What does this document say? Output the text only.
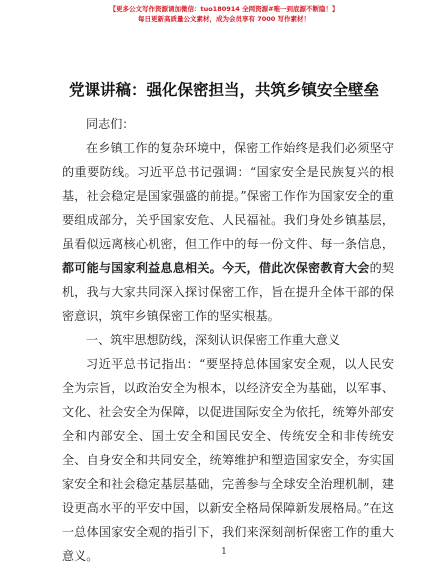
【更多公文写作资源请加微信：tuo180914 全网资源#唯一到底源不断隐！】
每日更新高质量公文素材，成为会员享有 7000 写作素材！
党课讲稿：强化保密担当，共筑乡镇安全壁垒

同志们：

在乡镇工作的复杂环境中，保密工作始终是我们必须坚守的重要防线。习近平总书记强调：“国家安全是民族复兴的根基，社会稳定是国家强盛的前提。”保密工作作为国家安全的重要组成部分，关乎国家安危、人民福祉。我们身处乡镇基层，虽看似远离核心机密，但工作中的每一份文件、每一条信息，都可能与国家利益息息相关。今天，借此次保密教育大会的契机，我与大家共同深入探讨保密工作，旨在提升全体干部的保密意识，筑牢乡镇保密工作的坚实根基。

一、筑牢思想防线，深刻认识保密工作重大意义

习近平总书记指出：“要坚持总体国家安全观，以人民安全为宗旨，以政治安全为根本，以经济安全为基础，以军事、文化、社会安全为保障，以促进国际安全为依托，统筹外部安全和内部安全、国土安全和国民安全、传统安全和非传统安全、自身安全和共同安全，统筹维护和塑造国家安全，夯实国家安全和社会稳定基层基础，完善参与全球安全治理机制，建设更高水平的平安中国，以新安全格局保障新发展格局。”在这一总体国家安全观的指引下，我们来深刻剖析保密工作的重大意义。	1
